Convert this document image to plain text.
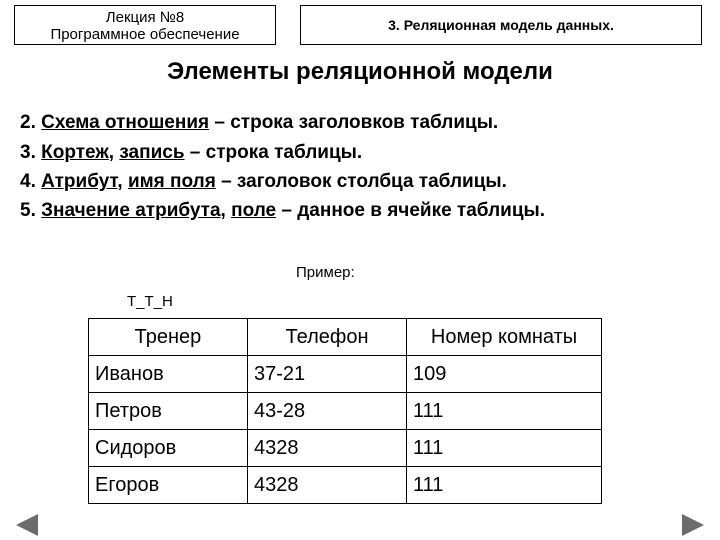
Лекция №8
Программное обеспечение
3. Реляционная модель данных.
Элементы реляционной модели
2. Схема отношения – строка заголовков таблицы.
3. Кортеж, запись – строка таблицы.
4. Атрибут, имя поля – заголовок столбца таблицы.
5. Значение атрибута, поле – данное в ячейке таблицы.
Пример:
Т_Т_Н
Тренер	Телефон	Номер комнаты
Иванов	37-21	109
Петров	43-28	111
Сидоров	4328	111
Егоров	4328	111
